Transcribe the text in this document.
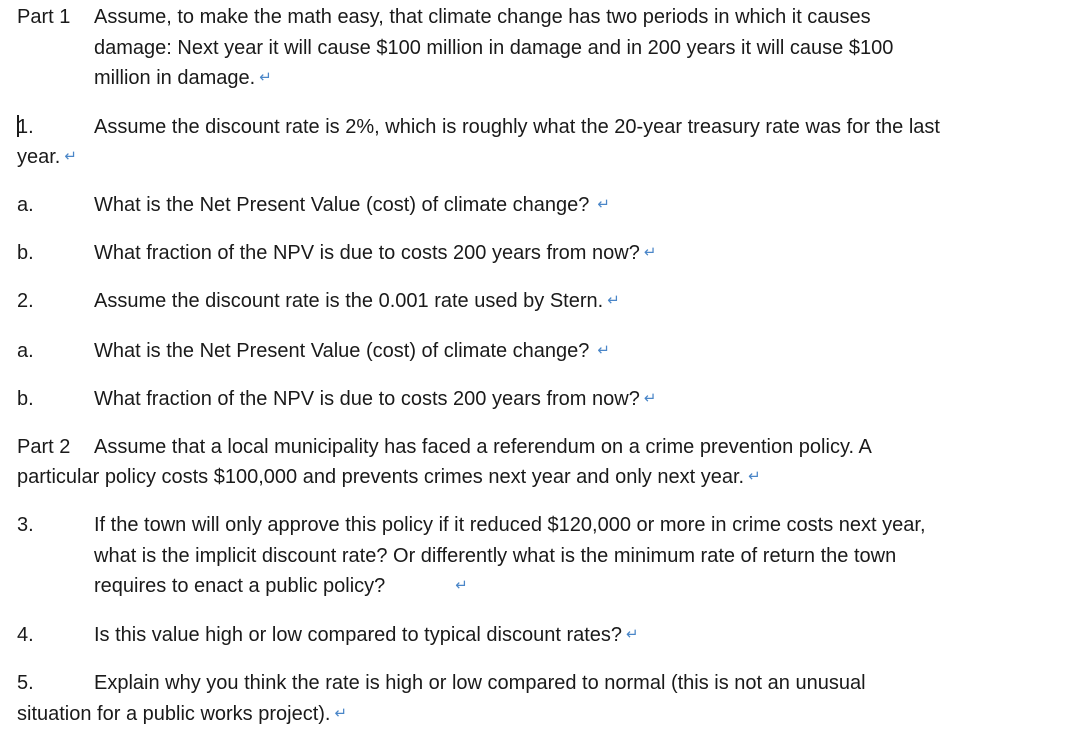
Part 1 Assume, to make the math easy, that climate change has two periods in which it causes
damage: Next year it will cause $100 million in damage and in 200 years it will cause $100
million in damage. ↵
1.	Assume the discount rate is 2%, which is roughly what the 20-year treasury rate was for the last
year. ↵
a.	What is the Net Present Value (cost) of climate change? ↵
b.	What fraction of the NPV is due to costs 200 years from now? ↵
2.	Assume the discount rate is the 0.001 rate used by Stern. ↵
a.	What is the Net Present Value (cost) of climate change? ↵
b.	What fraction of the NPV is due to costs 200 years from now? ↵
Part 2 Assume that a local municipality has faced a referendum on a crime prevention policy. A
particular policy costs $100,000 and prevents crimes next year and only next year. ↵
3.	If the town will only approve this policy if it reduced $120,000 or more in crime costs next year,
what is the implicit discount rate? Or differently what is the minimum rate of return the town
requires to enact a public policy?	↵
4.	Is this value high or low compared to typical discount rates? ↵
5.	Explain why you think the rate is high or low compared to normal (this is not an unusual
situation for a public works project). ↵
